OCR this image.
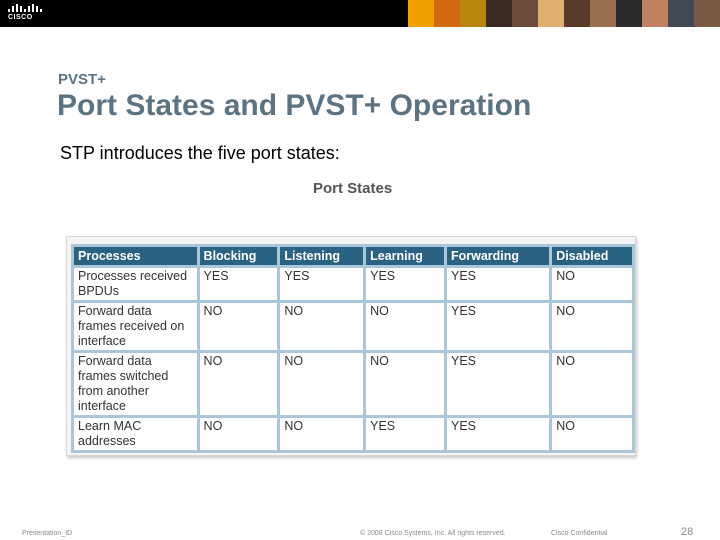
CISCO
PVST+
Port States and PVST+ Operation
STP introduces the five port states:
Port States
Processes	Blocking	Listening	Learning	Forwarding	Disabled
Processes received BPDUs	YES	YES	YES	YES	NO
Forward data frames received on interface	NO	NO	NO	YES	NO
Forward data frames switched from another interface	NO	NO	NO	YES	NO
Learn MAC addresses	NO	NO	YES	YES	NO
Presentation_ID	© 2008 Cisco Systems, Inc. All rights reserved.	Cisco Confidential	28
